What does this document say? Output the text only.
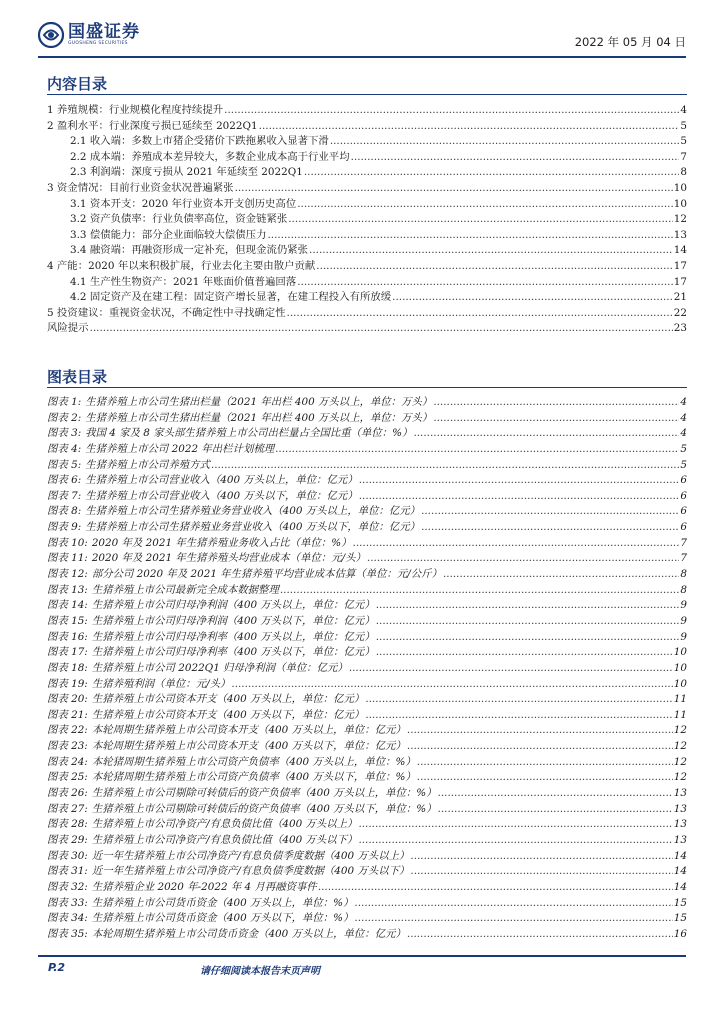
国盛证券
GUOSHENG SECURITIES	2022 年 05 月 04 日
内容目录
1 养殖规模：行业规模化程度持续提升 .....	4
2 盈利水平：行业深度亏损已延续至 2022Q1 .....	5
2.1 收入端：多数上市猪企受猪价下跌拖累收入显著下滑 .....	5
2.2 成本端：养殖成本差异较大，多数企业成本高于行业平均 .....	7
2.3 利润端：深度亏损从 2021 年延续至 2022Q1 .....	8
3 资金情况：目前行业资金状况普遍紧张 .....	10
3.1 资本开支：2020 年行业资本开支创历史高位 .....	10
3.2 资产负债率：行业负债率高位，资金链紧张 .....	12
3.3 偿债能力：部分企业面临较大偿债压力 .....	13
3.4 融资端：再融资形成一定补充，但现金流仍紧张 .....	14
4 产能：2020 年以来积极扩展，行业去化主要由散户贡献 .....	17
4.1 生产性生物资产：2021 年账面价值普遍回落 .....	17
4.2 固定资产及在建工程：固定资产增长显著，在建工程投入有所放缓 .....	21
5 投资建议：重视资金状况，不确定性中寻找确定性 .....	22
风险提示 .....	23
图表目录
图表 1: 生猪养殖上市公司生猪出栏量（2021 年出栏 400 万头以上，单位：万头） .....	4
图表 2: 生猪养殖上市公司生猪出栏量（2021 年出栏 400 万头以上，单位：万头） .....	4
图表 3: 我国 4 家及 8 家头部生猪养殖上市公司出栏量占全国比重（单位：%） .....	4
图表 4: 生猪养殖上市公司 2022 年出栏计划梳理 .....	5
图表 5: 生猪养殖上市公司养殖方式 .....	5
图表 6: 生猪养殖上市公司营业收入（400 万头以上，单位：亿元） .....	6
图表 7: 生猪养殖上市公司营业收入（400 万头以下，单位：亿元） .....	6
图表 8: 生猪养殖上市公司生猪养殖业务营业收入（400 万头以上，单位：亿元） .....	6
图表 9: 生猪养殖上市公司生猪养殖业务营业收入（400 万头以下，单位：亿元） .....	6
图表 10: 2020 年及 2021 年生猪养殖业务收入占比（单位：%） .....	7
图表 11: 2020 年及 2021 年生猪养殖头均营业成本（单位：元/头） .....	7
图表 12: 部分公司 2020 年及 2021 年生猪养殖平均营业成本估算（单位：元/公斤） .....	8
图表 13: 生猪养殖上市公司最新完全成本数据整理 .....	8
图表 14: 生猪养殖上市公司归母净利润（400 万头以上，单位：亿元） .....	9
图表 15: 生猪养殖上市公司归母净利润（400 万头以下，单位：亿元） .....	9
图表 16: 生猪养殖上市公司归母净利率（400 万头以上，单位：亿元） .....	9
图表 17: 生猪养殖上市公司归母净利率（400 万头以下，单位：亿元） .....	10
图表 18: 生猪养殖上市公司 2022Q1 归母净利润（单位：亿元） .....	10
图表 19: 生猪养殖利润（单位：元/头） .....	10
图表 20: 生猪养殖上市公司资本开支（400 万头以上，单位：亿元） .....	11
图表 21: 生猪养殖上市公司资本开支（400 万头以下，单位：亿元） .....	11
图表 22: 本轮周期生猪养殖上市公司资本开支（400 万头以上，单位：亿元） .....	12
图表 23: 本轮周期生猪养殖上市公司资本开支（400 万头以下，单位：亿元） .....	12
图表 24: 本轮猪周期生猪养殖上市公司资产负债率（400 万头以上，单位：%） .....	12
图表 25: 本轮猪周期生猪养殖上市公司资产负债率（400 万头以下，单位：%） .....	12
图表 26: 生猪养殖上市公司剔除可转债后的资产负债率（400 万头以上，单位：%） .....	13
图表 27: 生猪养殖上市公司剔除可转债后的资产负债率（400 万头以下，单位：%） .....	13
图表 28: 生猪养殖上市公司净资产/有息负债比值（400 万头以上） .....	13
图表 29: 生猪养殖上市公司净资产/有息负债比值（400 万头以下） .....	13
图表 30: 近一年生猪养殖上市公司净资产/有息负债季度数据（400 万头以上） .....	14
图表 31: 近一年生猪养殖上市公司净资产/有息负债季度数据（400 万头以下） .....	14
图表 32: 生猪养殖企业 2020 年-2022 年 4 月再融资事件 .....	14
图表 33: 生猪养殖上市公司货币资金（400 万头以上，单位：%） .....	15
图表 34: 生猪养殖上市公司货币资金（400 万头以下，单位：%） .....	15
图表 35: 本轮周期生猪养殖上市公司货币资金（400 万头以上，单位：亿元） .....	16
P.2	请仔细阅读本报告末页声明
